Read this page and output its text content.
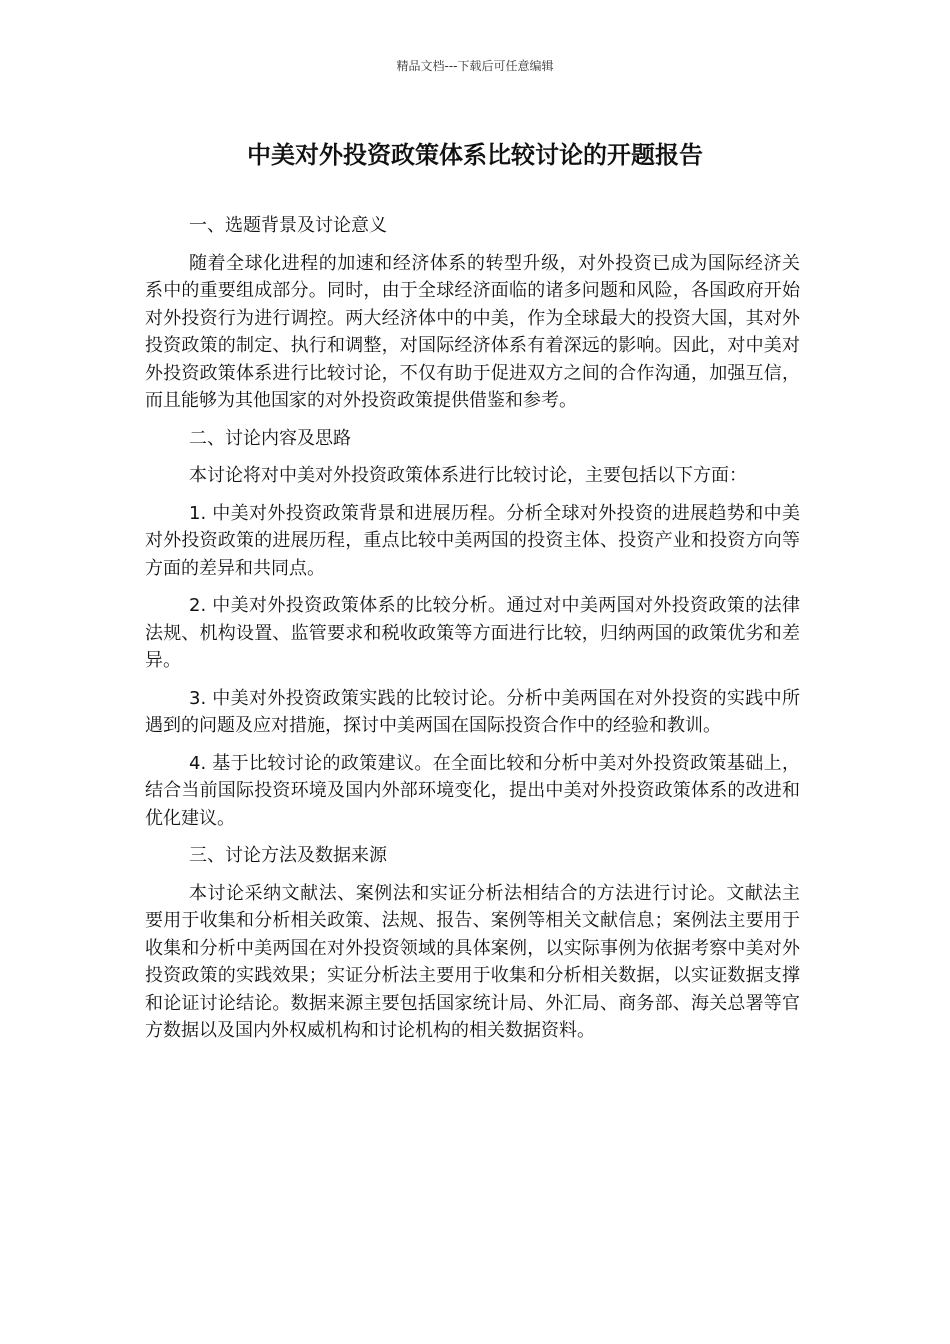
精品文档---下载后可任意编辑
中美对外投资政策体系比较讨论的开题报告

一、选题背景及讨论意义

随着全球化进程的加速和经济体系的转型升级，对外投资已成为国际经济关系中的重要组成部分。同时，由于全球经济面临的诸多问题和风险，各国政府开始对外投资行为进行调控。两大经济体中的中美，作为全球最大的投资大国，其对外投资政策的制定、执行和调整，对国际经济体系有着深远的影响。因此，对中美对外投资政策体系进行比较讨论，不仅有助于促进双方之间的合作沟通，加强互信，而且能够为其他国家的对外投资政策提供借鉴和参考。

二、讨论内容及思路

本讨论将对中美对外投资政策体系进行比较讨论，主要包括以下方面：

1. 中美对外投资政策背景和进展历程。分析全球对外投资的进展趋势和中美对外投资政策的进展历程，重点比较中美两国的投资主体、投资产业和投资方向等方面的差异和共同点。

2. 中美对外投资政策体系的比较分析。通过对中美两国对外投资政策的法律法规、机构设置、监管要求和税收政策等方面进行比较，归纳两国的政策优劣和差异。

3. 中美对外投资政策实践的比较讨论。分析中美两国在对外投资的实践中所遇到的问题及应对措施，探讨中美两国在国际投资合作中的经验和教训。

4. 基于比较讨论的政策建议。在全面比较和分析中美对外投资政策基础上，结合当前国际投资环境及国内外部环境变化，提出中美对外投资政策体系的改进和优化建议。

三、讨论方法及数据来源

本讨论采纳文献法、案例法和实证分析法相结合的方法进行讨论。文献法主要用于收集和分析相关政策、法规、报告、案例等相关文献信息；案例法主要用于收集和分析中美两国在对外投资领域的具体案例，以实际事例为依据考察中美对外投资政策的实践效果；实证分析法主要用于收集和分析相关数据，以实证数据支撑和论证讨论结论。数据来源主要包括国家统计局、外汇局、商务部、海关总署等官方数据以及国内外权威机构和讨论机构的相关数据资料。
